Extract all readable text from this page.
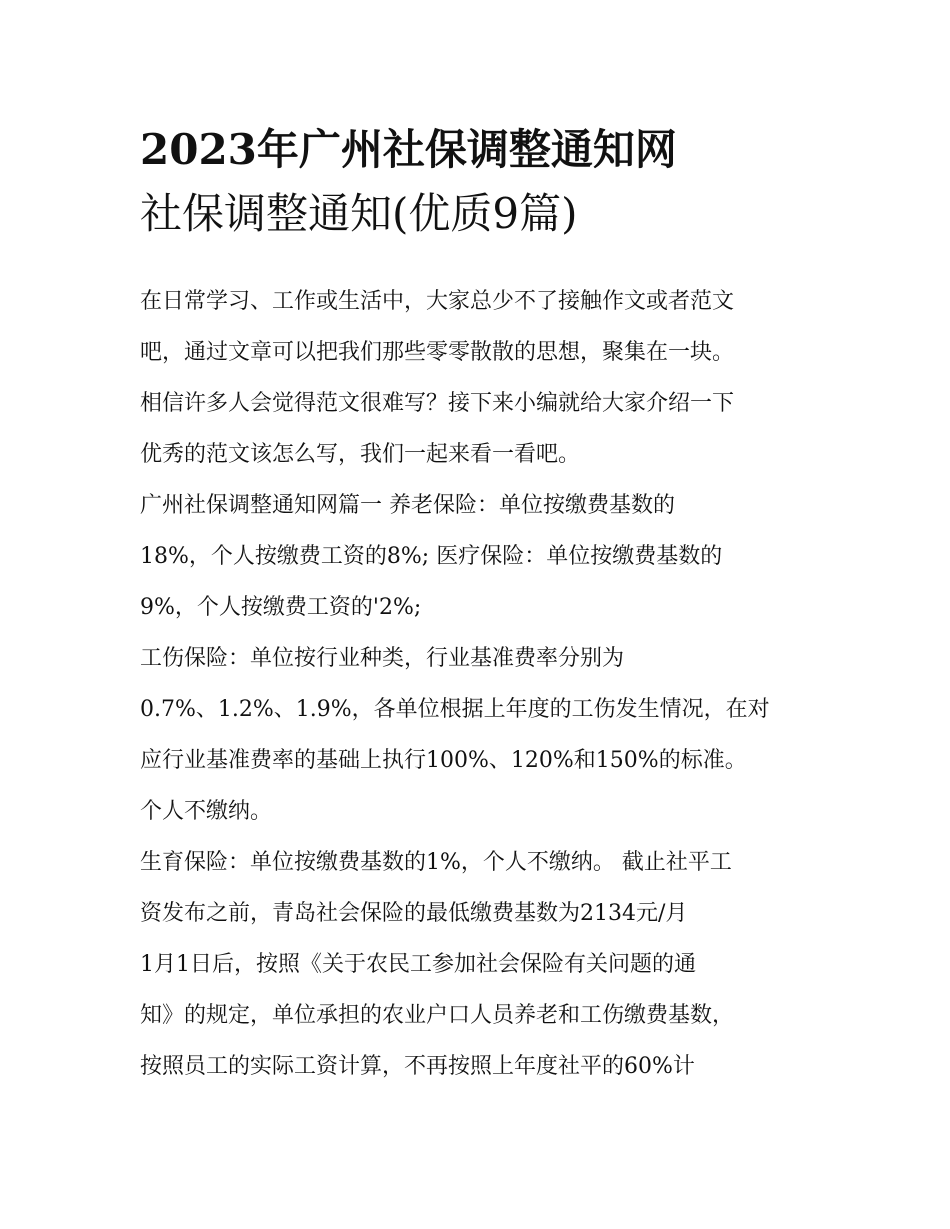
2023年广州社保调整通知网
社保调整通知(优质9篇)
在日常学习、工作或生活中，大家总少不了接触作文或者范文
吧，通过文章可以把我们那些零零散散的思想，聚集在一块。
相信许多人会觉得范文很难写？接下来小编就给大家介绍一下
优秀的范文该怎么写，我们一起来看一看吧。
广州社保调整通知网篇一 养老保险：单位按缴费基数的
18%，个人按缴费工资的8%; 医疗保险：单位按缴费基数的
9%，个人按缴费工资的'2%;
工伤保险：单位按行业种类，行业基准费率分别为
0.7%、1.2%、1.9%，各单位根据上年度的工伤发生情况，在对
应行业基准费率的基础上执行100%、120%和150%的标准。
个人不缴纳。
生育保险：单位按缴费基数的1%，个人不缴纳。 截止社平工
资发布之前，青岛社会保险的最低缴费基数为2134元/月
1月1日后，按照《关于农民工参加社会保险有关问题的通
知》的规定，单位承担的农业户口人员养老和工伤缴费基数，
按照员工的实际工资计算，不再按照上年度社平的60%计
